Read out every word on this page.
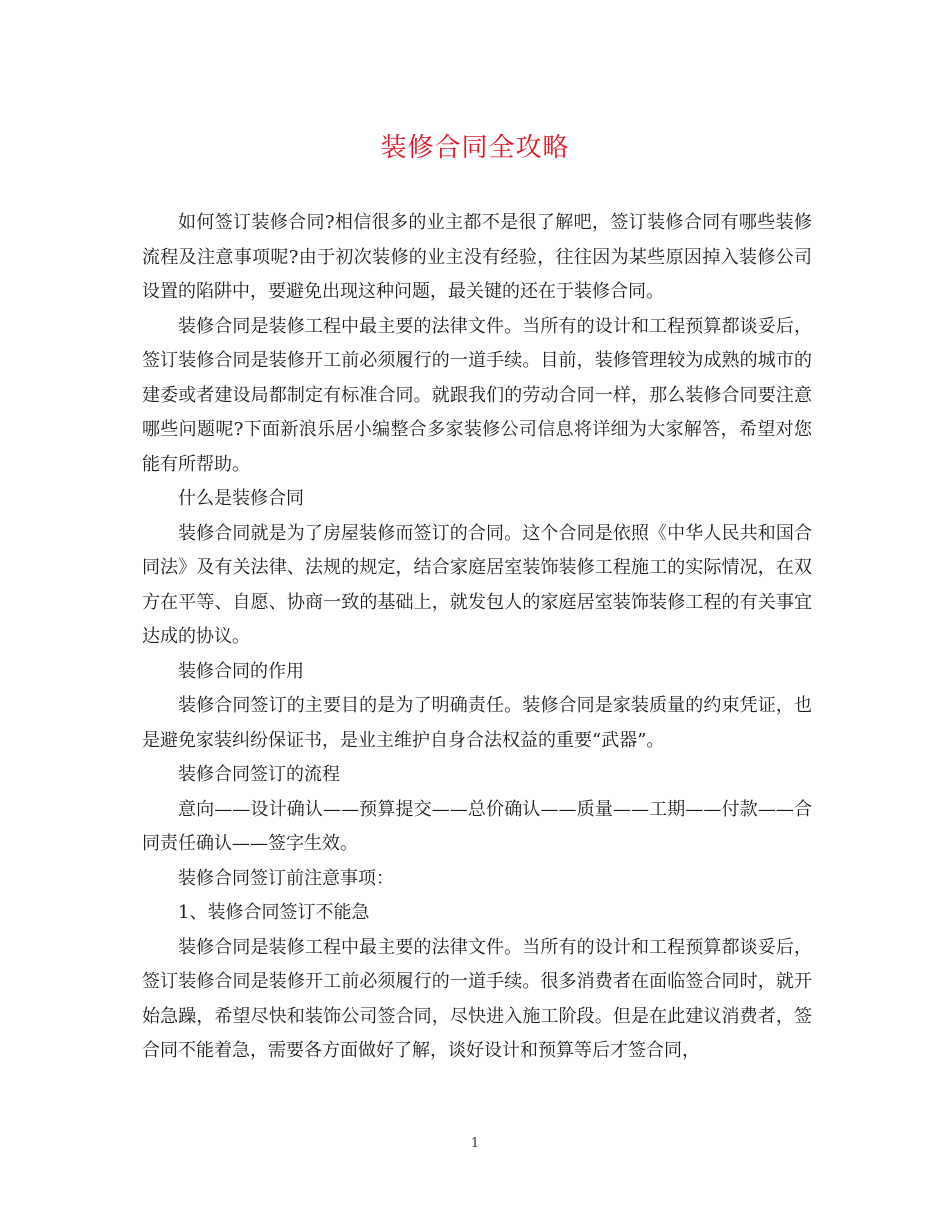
装修合同全攻略

如何签订装修合同?相信很多的业主都不是很了解吧，签订装修合同有哪些装修流程及注意事项呢?由于初次装修的业主没有经验，往往因为某些原因掉入装修公司设置的陷阱中，要避免出现这种问题，最关键的还在于装修合同。

装修合同是装修工程中最主要的法律文件。当所有的设计和工程预算都谈妥后，签订装修合同是装修开工前必须履行的一道手续。目前，装修管理较为成熟的城市的建委或者建设局都制定有标准合同。就跟我们的劳动合同一样，那么装修合同要注意哪些问题呢?下面新浪乐居小编整合多家装修公司信息将详细为大家解答，希望对您能有所帮助。

什么是装修合同

装修合同就是为了房屋装修而签订的合同。这个合同是依照《中华人民共和国合同法》及有关法律、法规的规定，结合家庭居室装饰装修工程施工的实际情况，在双方在平等、自愿、协商一致的基础上，就发包人的家庭居室装饰装修工程的有关事宜达成的协议。

装修合同的作用

装修合同签订的主要目的是为了明确责任。装修合同是家装质量的约束凭证，也是避免家装纠纷保证书，是业主维护自身合法权益的重要“武器”。

装修合同签订的流程

意向——设计确认——预算提交——总价确认——质量——工期——付款——合同责任确认——签字生效。

装修合同签订前注意事项：

1、装修合同签订不能急

装修合同是装修工程中最主要的法律文件。当所有的设计和工程预算都谈妥后，签订装修合同是装修开工前必须履行的一道手续。很多消费者在面临签合同时，就开始急躁，希望尽快和装饰公司签合同，尽快进入施工阶段。但是在此建议消费者，签合同不能着急，需要各方面做好了解，谈好设计和预算等后才签合同，

1
